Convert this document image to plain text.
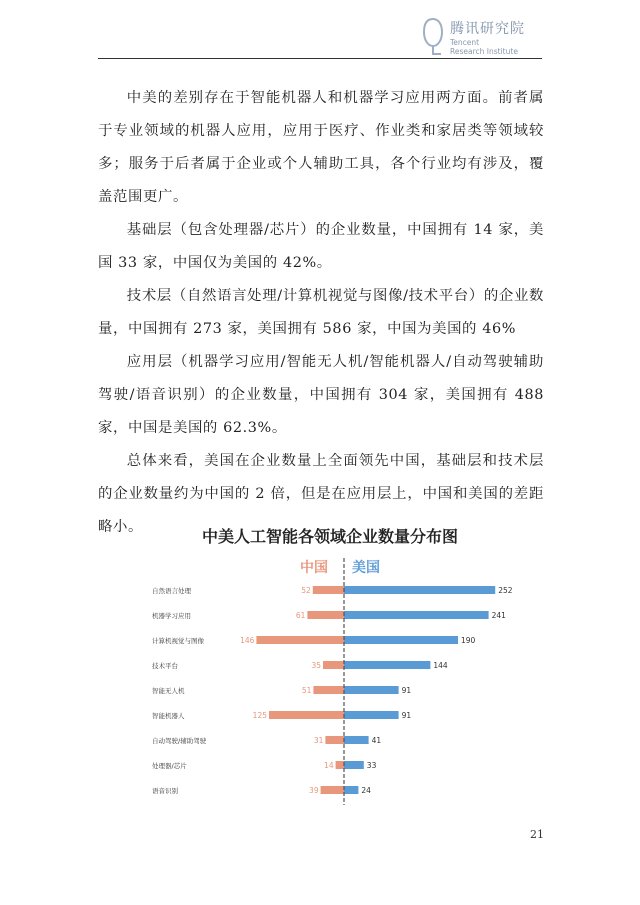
腾讯研究院
Tencent
Research Institute

中美的差别存在于智能机器人和机器学习应用两方面。前者属于专业领域的机器人应用，应用于医疗、作业类和家居类等领域较多；服务于后者属于企业或个人辅助工具，各个行业均有涉及，覆盖范围更广。

基础层（包含处理器/芯片）的企业数量，中国拥有 14 家，美国 33 家，中国仅为美国的 42%。

技术层（自然语言处理/计算机视觉与图像/技术平台）的企业数量，中国拥有 273 家，美国拥有 586 家，中国为美国的 46%

应用层（机器学习应用/智能无人机/智能机器人/自动驾驶辅助驾驶/语音识别）的企业数量，中国拥有 304 家，美国拥有 488 家，中国是美国的 62.3%。

总体来看，美国在企业数量上全面领先中国，基础层和技术层的企业数量约为中国的 2 倍，但是在应用层上，中国和美国的差距略小。	中美人工智能各领域企业数量分布图
中国 美国
自然语言处理	52	252
机器学习应用	61	241
计算机视觉与图像	146	190
技术平台	35	144
智能无人机	51	91
智能机器人	125	91
自动驾驶/辅助驾驶	31	41
处理器/芯片	14	33
语音识别	39	24
21
